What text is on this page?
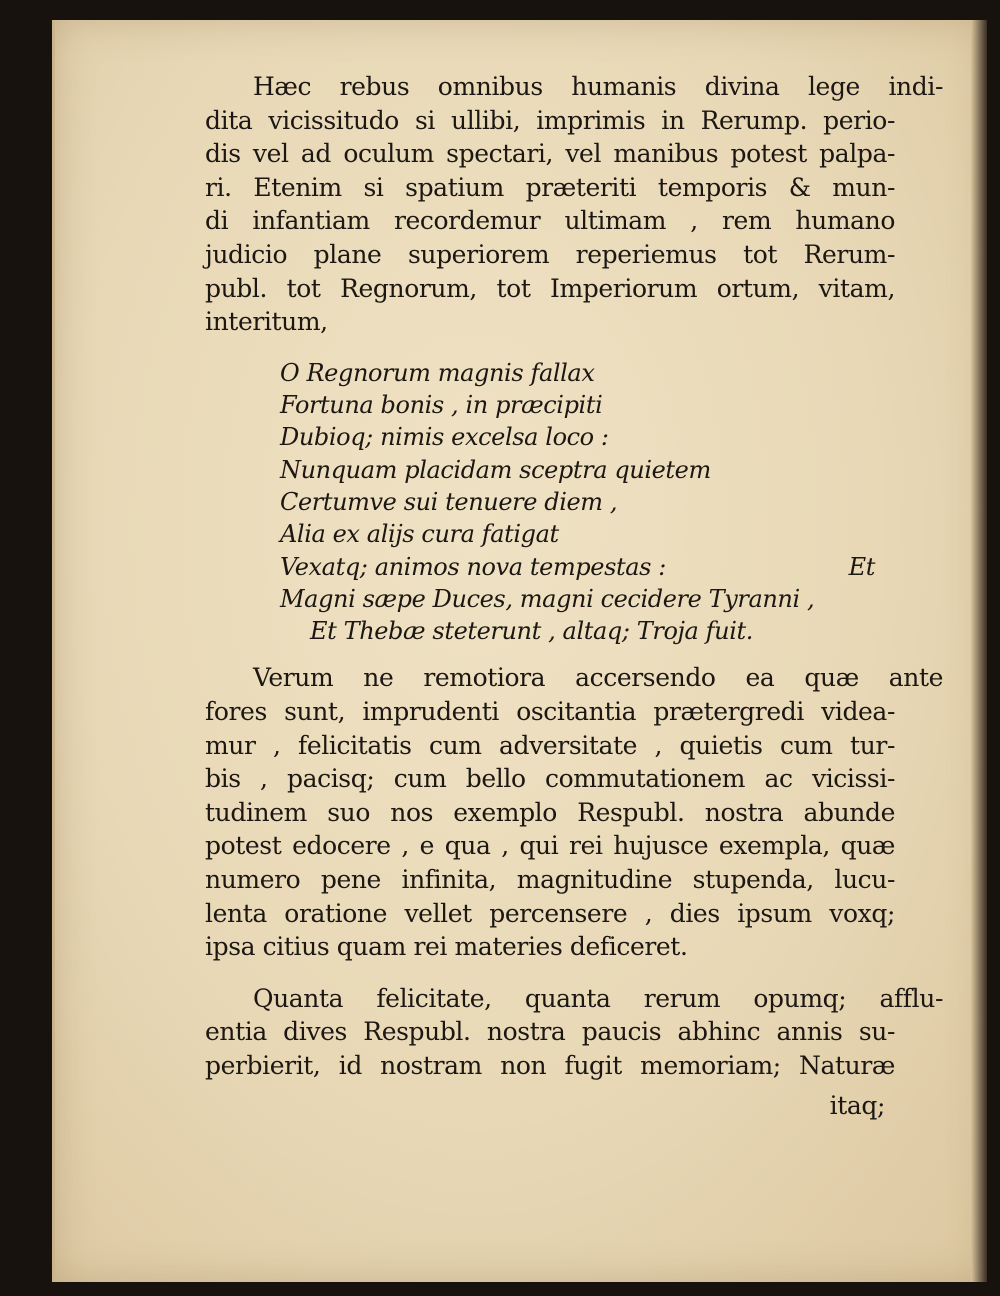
Hæc rebus omnibus humanis divina lege indi-
dita vicissitudo si ullibi, imprimis in Rerump. perio-
dis vel ad oculum spectari, vel manibus potest palpa-
ri. Etenim si spatium præteriti temporis & mun-
di infantiam recordemur ultimam , rem humano
judicio plane superiorem reperiemus tot Rerum-
publ. tot Regnorum, tot Imperiorum ortum, vitam,
interitum,
O Regnorum magnis fallax
Fortuna bonis , in præcipiti
Dubioq; nimis excelsa loco :
Nunquam placidam sceptra quietem
Certumve sui tenuere diem ,
Alia ex alijs cura fatigat
Vexatq; animos nova tempestas :	Et
Magni sæpe Duces, magni cecidere Tyranni ,
Et Thebæ steterunt , altaq; Troja fuit.
Verum ne remotiora accersendo ea quæ ante
fores sunt, imprudenti oscitantia prætergredi videa-
mur , felicitatis cum adversitate , quietis cum tur-
bis , pacisq; cum bello commutationem ac vicissi-
tudinem suo nos exemplo Respubl. nostra abunde
potest edocere , e qua , qui rei hujusce exempla, quæ
numero pene infinita, magnitudine stupenda, lucu-
lenta oratione vellet percensere , dies ipsum voxq;
ipsa citius quam rei materies deficeret.
Quanta felicitate, quanta rerum opumq; afflu-
entia dives Respubl. nostra paucis abhinc annis su-
perbierit, id nostram non fugit memoriam; Naturæ
itaq;
